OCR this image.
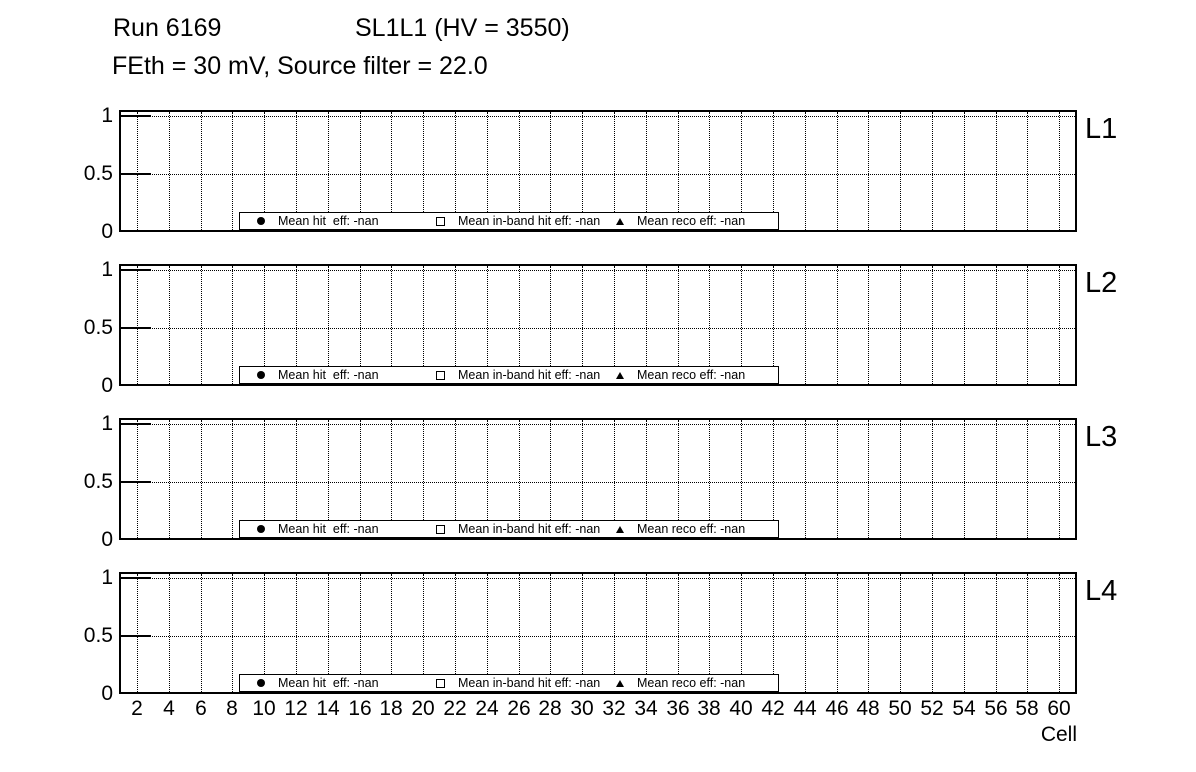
Run 6169	SL1L1 (HV = 3550)
FEth = 30 mV, Source filter = 22.0
Mean hit  eff: -nan	Mean in-band hit eff: -nan	Mean reco eff: -nan
0
0.5
1	L1
Mean hit  eff: -nan	Mean in-band hit eff: -nan	Mean reco eff: -nan
0
0.5
1	L2
Mean hit  eff: -nan	Mean in-band hit eff: -nan	Mean reco eff: -nan
0
0.5
1	L3
Mean hit  eff: -nan	Mean in-band hit eff: -nan	Mean reco eff: -nan
0
0.5
1	L4
2 4 6 8 10 12 14 16 18 20 22 24 26 28 30 32 34 36 38 40 42 44 46 48 50 52 54 56 58 60
Cell
